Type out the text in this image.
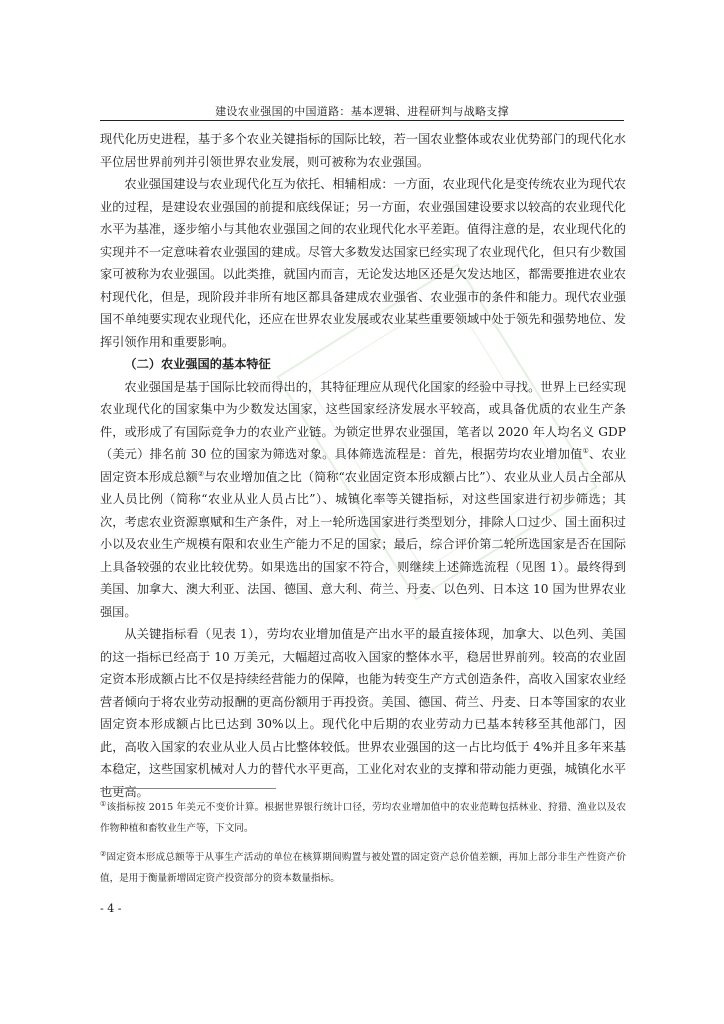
建设农业强国的中国道路：基本逻辑、进程研判与战略支撑

现代化历史进程，基于多个农业关键指标的国际比较，若一国农业整体或农业优势部门的现代化水平位居世界前列并引领世界农业发展，则可被称为农业强国。

农业强国建设与农业现代化互为依托、相辅相成：一方面，农业现代化是变传统农业为现代农业的过程，是建设农业强国的前提和底线保证；另一方面，农业强国建设要求以较高的农业现代化水平为基准，逐步缩小与其他农业强国之间的农业现代化水平差距。值得注意的是，农业现代化的实现并不一定意味着农业强国的建成。尽管大多数发达国家已经实现了农业现代化，但只有少数国家可被称为农业强国。以此类推，就国内而言，无论发达地区还是欠发达地区，都需要推进农业农村现代化，但是，现阶段并非所有地区都具备建成农业强省、农业强市的条件和能力。现代农业强国不单纯要实现农业现代化，还应在世界农业发展或农业某些重要领域中处于领先和强势地位、发挥引领作用和重要影响。

（二）农业强国的基本特征

农业强国是基于国际比较而得出的，其特征理应从现代化国家的经验中寻找。世界上已经实现农业现代化的国家集中为少数发达国家，这些国家经济发展水平较高，或具备优质的农业生产条件，或形成了有国际竞争力的农业产业链。为锁定世界农业强国，笔者以 2020 年人均名义 GDP（美元）排名前 30 位的国家为筛选对象。具体筛选流程是：首先，根据劳均农业增加值①、农业固定资本形成总额②与农业增加值之比（简称“农业固定资本形成额占比”）、农业从业人员占全部从业人员比例（简称“农业从业人员占比”）、城镇化率等关键指标，对这些国家进行初步筛选；其次，考虑农业资源禀赋和生产条件，对上一轮所选国家进行类型划分，排除人口过少、国土面积过小以及农业生产规模有限和农业生产能力不足的国家；最后，综合评价第二轮所选国家是否在国际上具备较强的农业比较优势。如果选出的国家不符合，则继续上述筛选流程（见图 1）。最终得到美国、加拿大、澳大利亚、法国、德国、意大利、荷兰、丹麦、以色列、日本这 10 国为世界农业强国。

从关键指标看（见表 1），劳均农业增加值是产出水平的最直接体现，加拿大、以色列、美国的这一指标已经高于 10 万美元，大幅超过高收入国家的整体水平，稳居世界前列。较高的农业固定资本形成额占比不仅是持续经营能力的保障，也能为转变生产方式创造条件，高收入国家农业经营者倾向于将农业劳动报酬的更高份额用于再投资。美国、德国、荷兰、丹麦、日本等国家的农业固定资本形成额占比已达到 30%以上。现代化中后期的农业劳动力已基本转移至其他部门，因此，高收入国家的农业从业人员占比整体较低。世界农业强国的这一占比均低于 4%并且多年来基本稳定，这些国家机械对人力的替代水平更高，工业化对农业的支撑和带动能力更强，城镇化水平也更高。

①该指标按 2015 年美元不变价计算。根据世界银行统计口径，劳均农业增加值中的农业范畴包括林业、狩猎、渔业以及农作物种植和畜牧业生产等，下文同。

②固定资本形成总额等于从事生产活动的单位在核算期间购置与被处置的固定资产总价值差额，再加上部分非生产性资产价值，是用于衡量新增固定资产投资部分的资本数量指标。

- 4 -
